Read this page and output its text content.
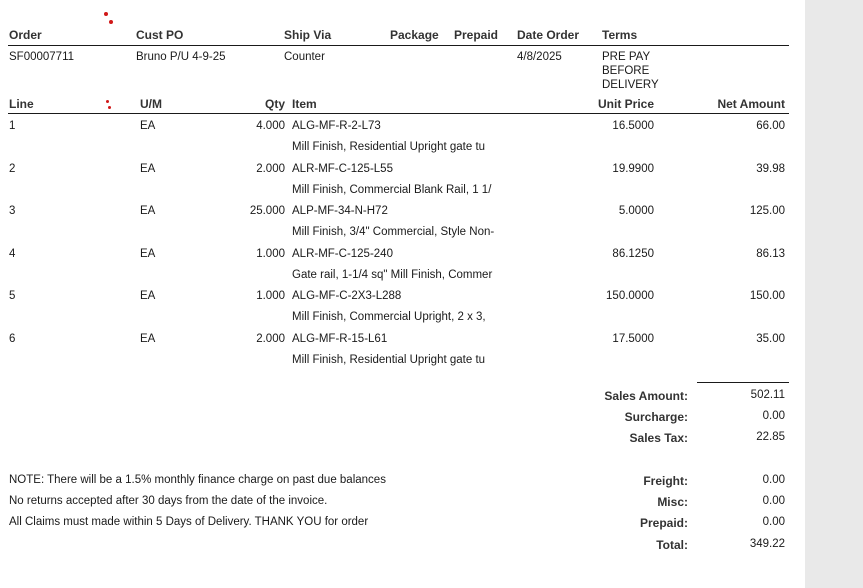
Order	Cust PO	Ship Via	Package Prepaid Date Order Terms
SF00007711	Bruno P/U 4-9-25	Counter	4/8/2025	PRE PAY
BEFORE
DELIVERY
Line	U/M	Qty Item	Unit Price	Net Amount
1	EA	4.000 ALG-MF-R-2-L73
Mill Finish, Residential Upright gate tu
16.5000	66.00
2	EA	2.000 ALR-MF-C-125-L55
Mill Finish, Commercial Blank Rail, 1 1/
19.9900	39.98
3	EA	25.000 ALP-MF-34-N-H72
Mill Finish, 3/4" Commercial, Style Non-
5.0000	125.00
4	EA	1.000 ALR-MF-C-125-240
Gate rail, 1-1/4 sq" Mill Finish, Commer
86.1250	86.13
5	EA	1.000 ALG-MF-C-2X3-L288
Mill Finish, Commercial Upright, 2 x 3,
150.0000	150.00
6	EA	2.000 ALG-MF-R-15-L61
Mill Finish, Residential Upright gate tu
17.5000	35.00
Sales Amount:	502.11
Surcharge:	0.00
Sales Tax:	22.85
Freight:	0.00
Misc:	0.00
Prepaid:	0.00
Total:	349.22
NOTE: There will be a 1.5% monthly finance charge on past due balances
No returns accepted after 30 days from the date of the invoice.
All Claims must made within 5 Days of Delivery. THANK YOU for order
